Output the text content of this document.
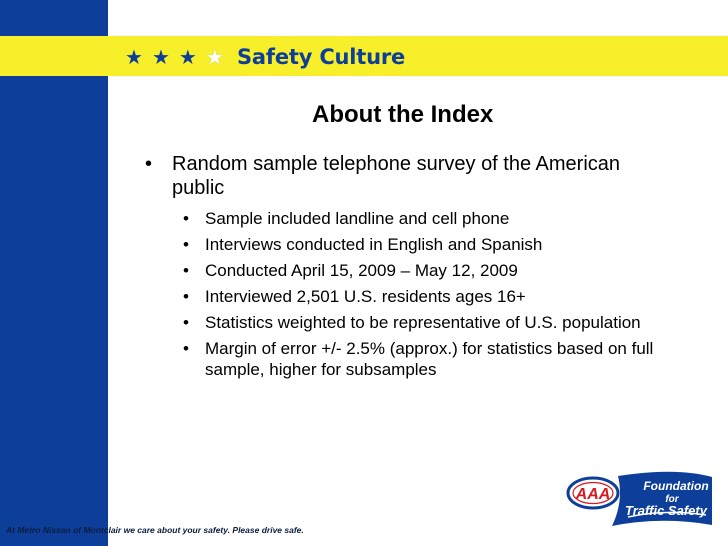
★ ★ ★ ★ Safety Culture
About the Index
• Random sample telephone survey of the American public
• Sample included landline and cell phone
• Interviews conducted in English and Spanish
• Conducted April 15, 2009 – May 12, 2009
• Interviewed 2,501 U.S. residents ages 16+
• Statistics weighted to be representative of U.S. population
• Margin of error +/- 2.5% (approx.) for statistics based on full sample, higher for subsamples
AAA	Foundation
for
Traffic Safety
At Metro Nissan of Montclair we care about your safety. Please drive safe.
